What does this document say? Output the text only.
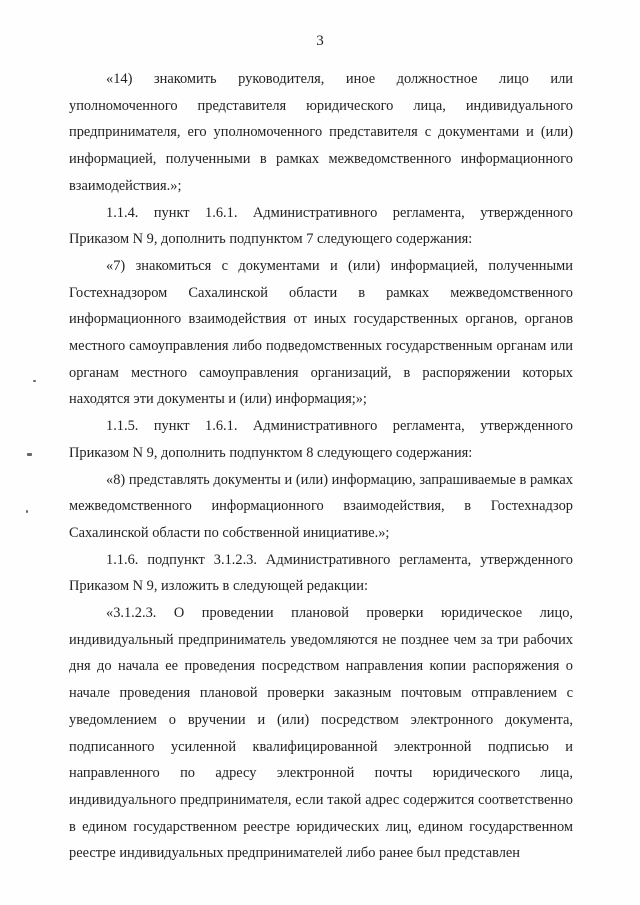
3

«14) знакомить руководителя, иное должностное лицо или уполномоченного представителя юридического лица, индивидуального предпринимателя, его уполномоченного представителя с документами и (или) информацией, полученными в рамках межведомственного информационного взаимодействия.»;

1.1.4. пункт 1.6.1. Административного регламента, утвержденного Приказом N 9, дополнить подпунктом 7 следующего содержания:

«7) знакомиться с документами и (или) информацией, полученными Гостехнадзором Сахалинской области в рамках межведомственного информационного взаимодействия от иных государственных органов, органов местного самоуправления либо подведомственных государственным органам или органам местного самоуправления организаций, в распоряжении которых находятся эти документы и (или) информация;»;

1.1.5. пункт 1.6.1. Административного регламента, утвержденного Приказом N 9, дополнить подпунктом 8 следующего содержания:

«8) представлять документы и (или) информацию, запрашиваемые в рамках межведомственного информационного взаимодействия, в Гостехнадзор Сахалинской области по собственной инициативе.»;

1.1.6. подпункт 3.1.2.3. Административного регламента, утвержденного Приказом N 9, изложить в следующей редакции:

«3.1.2.3. О проведении плановой проверки юридическое лицо, индивидуальный предприниматель уведомляются не позднее чем за три рабочих дня до начала ее проведения посредством направления копии распоряжения о начале проведения плановой проверки заказным почтовым отправлением с уведомлением о вручении и (или) посредством электронного документа, подписанного усиленной квалифицированной электронной подписью и направленного по адресу электронной почты юридического лица, индивидуального предпринимателя, если такой адрес содержится соответственно в едином государственном реестре юридических лиц, едином государственном реестре индивидуальных предпринимателей либо ранее был представлен
